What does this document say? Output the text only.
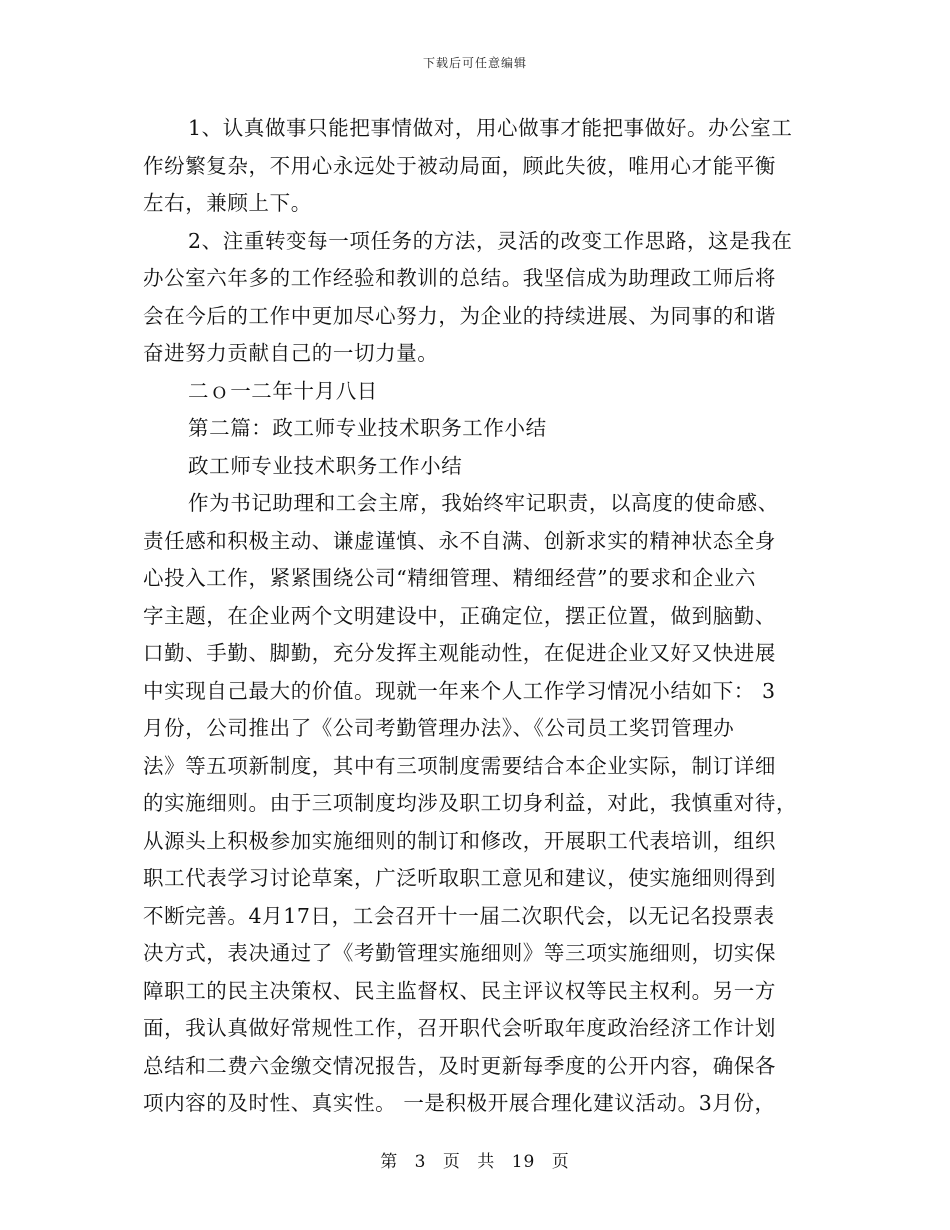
下载后可任意编辑
1、认真做事只能把事情做对，用心做事才能把事做好。办公室工
作纷繁复杂，不用心永远处于被动局面，顾此失彼，唯用心才能平衡
左右，兼顾上下。
2、注重转变每一项任务的方法，灵活的改变工作思路，这是我在
办公室六年多的工作经验和教训的总结。我坚信成为助理政工师后将
会在今后的工作中更加尽心努力，为企业的持续进展、为同事的和谐
奋进努力贡献自己的一切力量。
二ｏ一二年十月八日
第二篇：政工师专业技术职务工作小结
政工师专业技术职务工作小结
作为书记助理和工会主席，我始终牢记职责，以高度的使命感、
责任感和积极主动、谦虚谨慎、永不自满、创新求实的精神状态全身
心投入工作，紧紧围绕公司“精细管理、精细经营”的要求和企业六
字主题，在企业两个文明建设中，正确定位，摆正位置，做到脑勤、
口勤、手勤、脚勤，充分发挥主观能动性，在促进企业又好又快进展
中实现自己最大的价值。现就一年来个人工作学习情况小结如下： 3
月份，公司推出了《公司考勤管理办法》、《公司员工奖罚管理办
法》等五项新制度，其中有三项制度需要结合本企业实际，制订详细
的实施细则。由于三项制度均涉及职工切身利益，对此，我慎重对待，
从源头上积极参加实施细则的制订和修改，开展职工代表培训，组织
职工代表学习讨论草案，广泛听取职工意见和建议，使实施细则得到
不断完善。4月17日，工会召开十一届二次职代会，以无记名投票表
决方式，表决通过了《考勤管理实施细则》等三项实施细则，切实保
障职工的民主决策权、民主监督权、民主评议权等民主权利。另一方
面，我认真做好常规性工作，召开职代会听取年度政治经济工作计划
总结和二费六金缴交情况报告，及时更新每季度的公开内容，确保各
项内容的及时性、真实性。 一是积极开展合理化建议活动。3月份，
第 3 页 共 19 页
